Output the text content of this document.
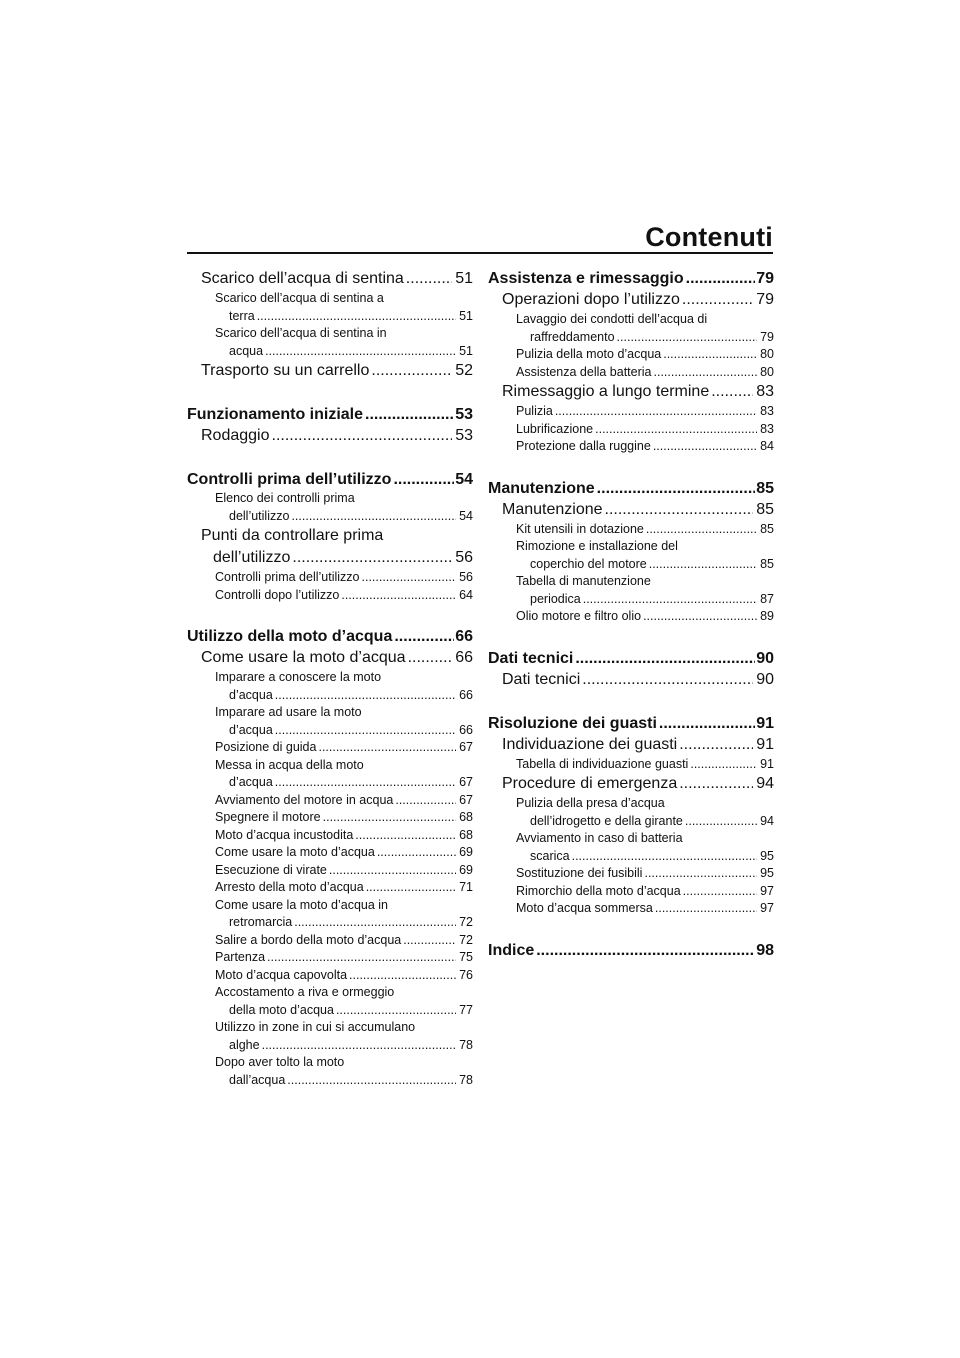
Contenuti
Scarico dell’acqua di sentina .....	51
Scarico dell’acqua di sentina a
terra .....	51
Scarico dell’acqua di sentina in
acqua .....	51
Trasporto su un carrello .....	52
Funzionamento iniziale .....	53
Rodaggio .....	53
Controlli prima dell’utilizzo .....	54
Elenco dei controlli prima
dell’utilizzo .....	54
Punti da controllare prima
dell’utilizzo .....	56
Controlli prima dell’utilizzo .....	56
Controlli dopo l’utilizzo .....	64
Utilizzo della moto d’acqua .....	66
Come usare la moto d’acqua .....	66
Imparare a conoscere la moto
d’acqua .....	66
Imparare ad usare la moto
d’acqua .....	66
Posizione di guida .....	67
Messa in acqua della moto
d’acqua .....	67
Avviamento del motore in acqua .....	67
Spegnere il motore .....	68
Moto d’acqua incustodita .....	68
Come usare la moto d’acqua .....	69
Esecuzione di virate .....	69
Arresto della moto d’acqua .....	71
Come usare la moto d’acqua in
retromarcia .....	72
Salire a bordo della moto d’acqua .....	72
Partenza .....	75
Moto d’acqua capovolta .....	76
Accostamento a riva e ormeggio
della moto d’acqua .....	77
Utilizzo in zone in cui si accumulano
alghe .....	78
Dopo aver tolto la moto
dall’acqua .....	78
Assistenza e rimessaggio .....	79
Operazioni dopo l’utilizzo .....	79
Lavaggio dei condotti dell’acqua di
raffreddamento .....	79
Pulizia della moto d’acqua .....	80
Assistenza della batteria .....	80
Rimessaggio a lungo termine .....	83
Pulizia .....	83
Lubrificazione .....	83
Protezione dalla ruggine .....	84
Manutenzione .....	85
Manutenzione .....	85
Kit utensili in dotazione .....	85
Rimozione e installazione del
coperchio del motore .....	85
Tabella di manutenzione
periodica .....	87
Olio motore e filtro olio .....	89
Dati tecnici .....	90
Dati tecnici .....	90
Risoluzione dei guasti .....	91
Individuazione dei guasti .....	91
Tabella di individuazione guasti .....	91
Procedure di emergenza .....	94
Pulizia della presa d’acqua
dell’idrogetto e della girante .....	94
Avviamento in caso di batteria
scarica .....	95
Sostituzione dei fusibili .....	95
Rimorchio della moto d’acqua .....	97
Moto d’acqua sommersa .....	97
Indice .....	98
